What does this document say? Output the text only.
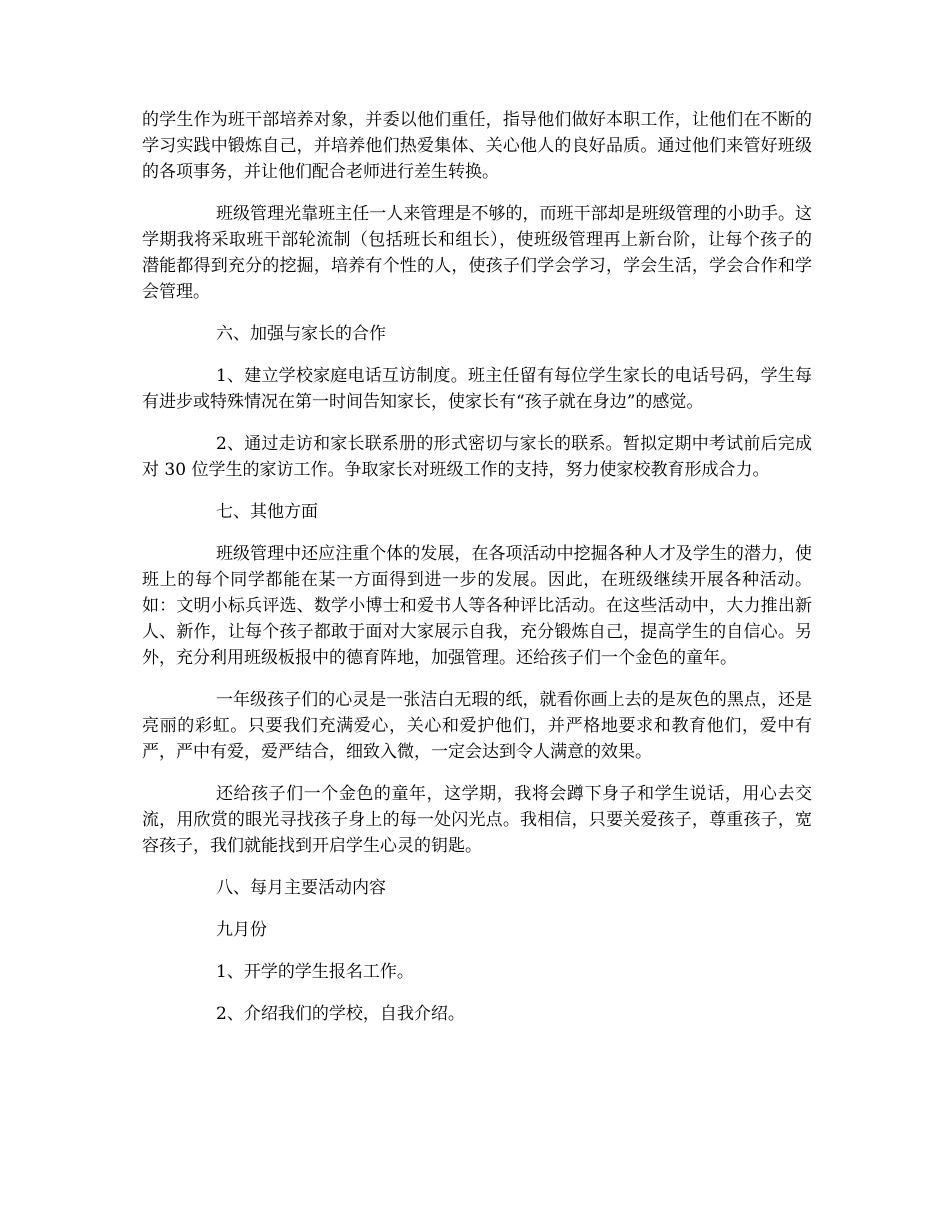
的学生作为班干部培养对象，并委以他们重任，指导他们做好本职工作，让他们在不断的学习实践中锻炼自己，并培养他们热爱集体、关心他人的良好品质。通过他们来管好班级的各项事务，并让他们配合老师进行差生转换。

班级管理光靠班主任一人来管理是不够的，而班干部却是班级管理的小助手。这学期我将采取班干部轮流制（包括班长和组长），使班级管理再上新台阶，让每个孩子的潜能都得到充分的挖掘，培养有个性的人，使孩子们学会学习，学会生活，学会合作和学会管理。

六、加强与家长的合作

1、建立学校家庭电话互访制度。班主任留有每位学生家长的电话号码，学生每有进步或特殊情况在第一时间告知家长，使家长有“孩子就在身边”的感觉。

2、通过走访和家长联系册的形式密切与家长的联系。暂拟定期中考试前后完成对 30 位学生的家访工作。争取家长对班级工作的支持，努力使家校教育形成合力。

七、其他方面

班级管理中还应注重个体的发展，在各项活动中挖掘各种人才及学生的潜力，使班上的每个同学都能在某一方面得到进一步的发展。因此，在班级继续开展各种活动。如：文明小标兵评选、数学小博士和爱书人等各种评比活动。在这些活动中，大力推出新人、新作，让每个孩子都敢于面对大家展示自我，充分锻炼自己，提高学生的自信心。另外，充分利用班级板报中的德育阵地，加强管理。还给孩子们一个金色的童年。

一年级孩子们的心灵是一张洁白无瑕的纸，就看你画上去的是灰色的黑点，还是亮丽的彩虹。只要我们充满爱心，关心和爱护他们，并严格地要求和教育他们，爱中有严，严中有爱，爱严结合，细致入微，一定会达到令人满意的效果。

还给孩子们一个金色的童年，这学期，我将会蹲下身子和学生说话，用心去交流，用欣赏的眼光寻找孩子身上的每一处闪光点。我相信，只要关爱孩子，尊重孩子，宽容孩子，我们就能找到开启学生心灵的钥匙。

八、每月主要活动内容

九月份

1、开学的学生报名工作。

2、介绍我们的学校，自我介绍。
